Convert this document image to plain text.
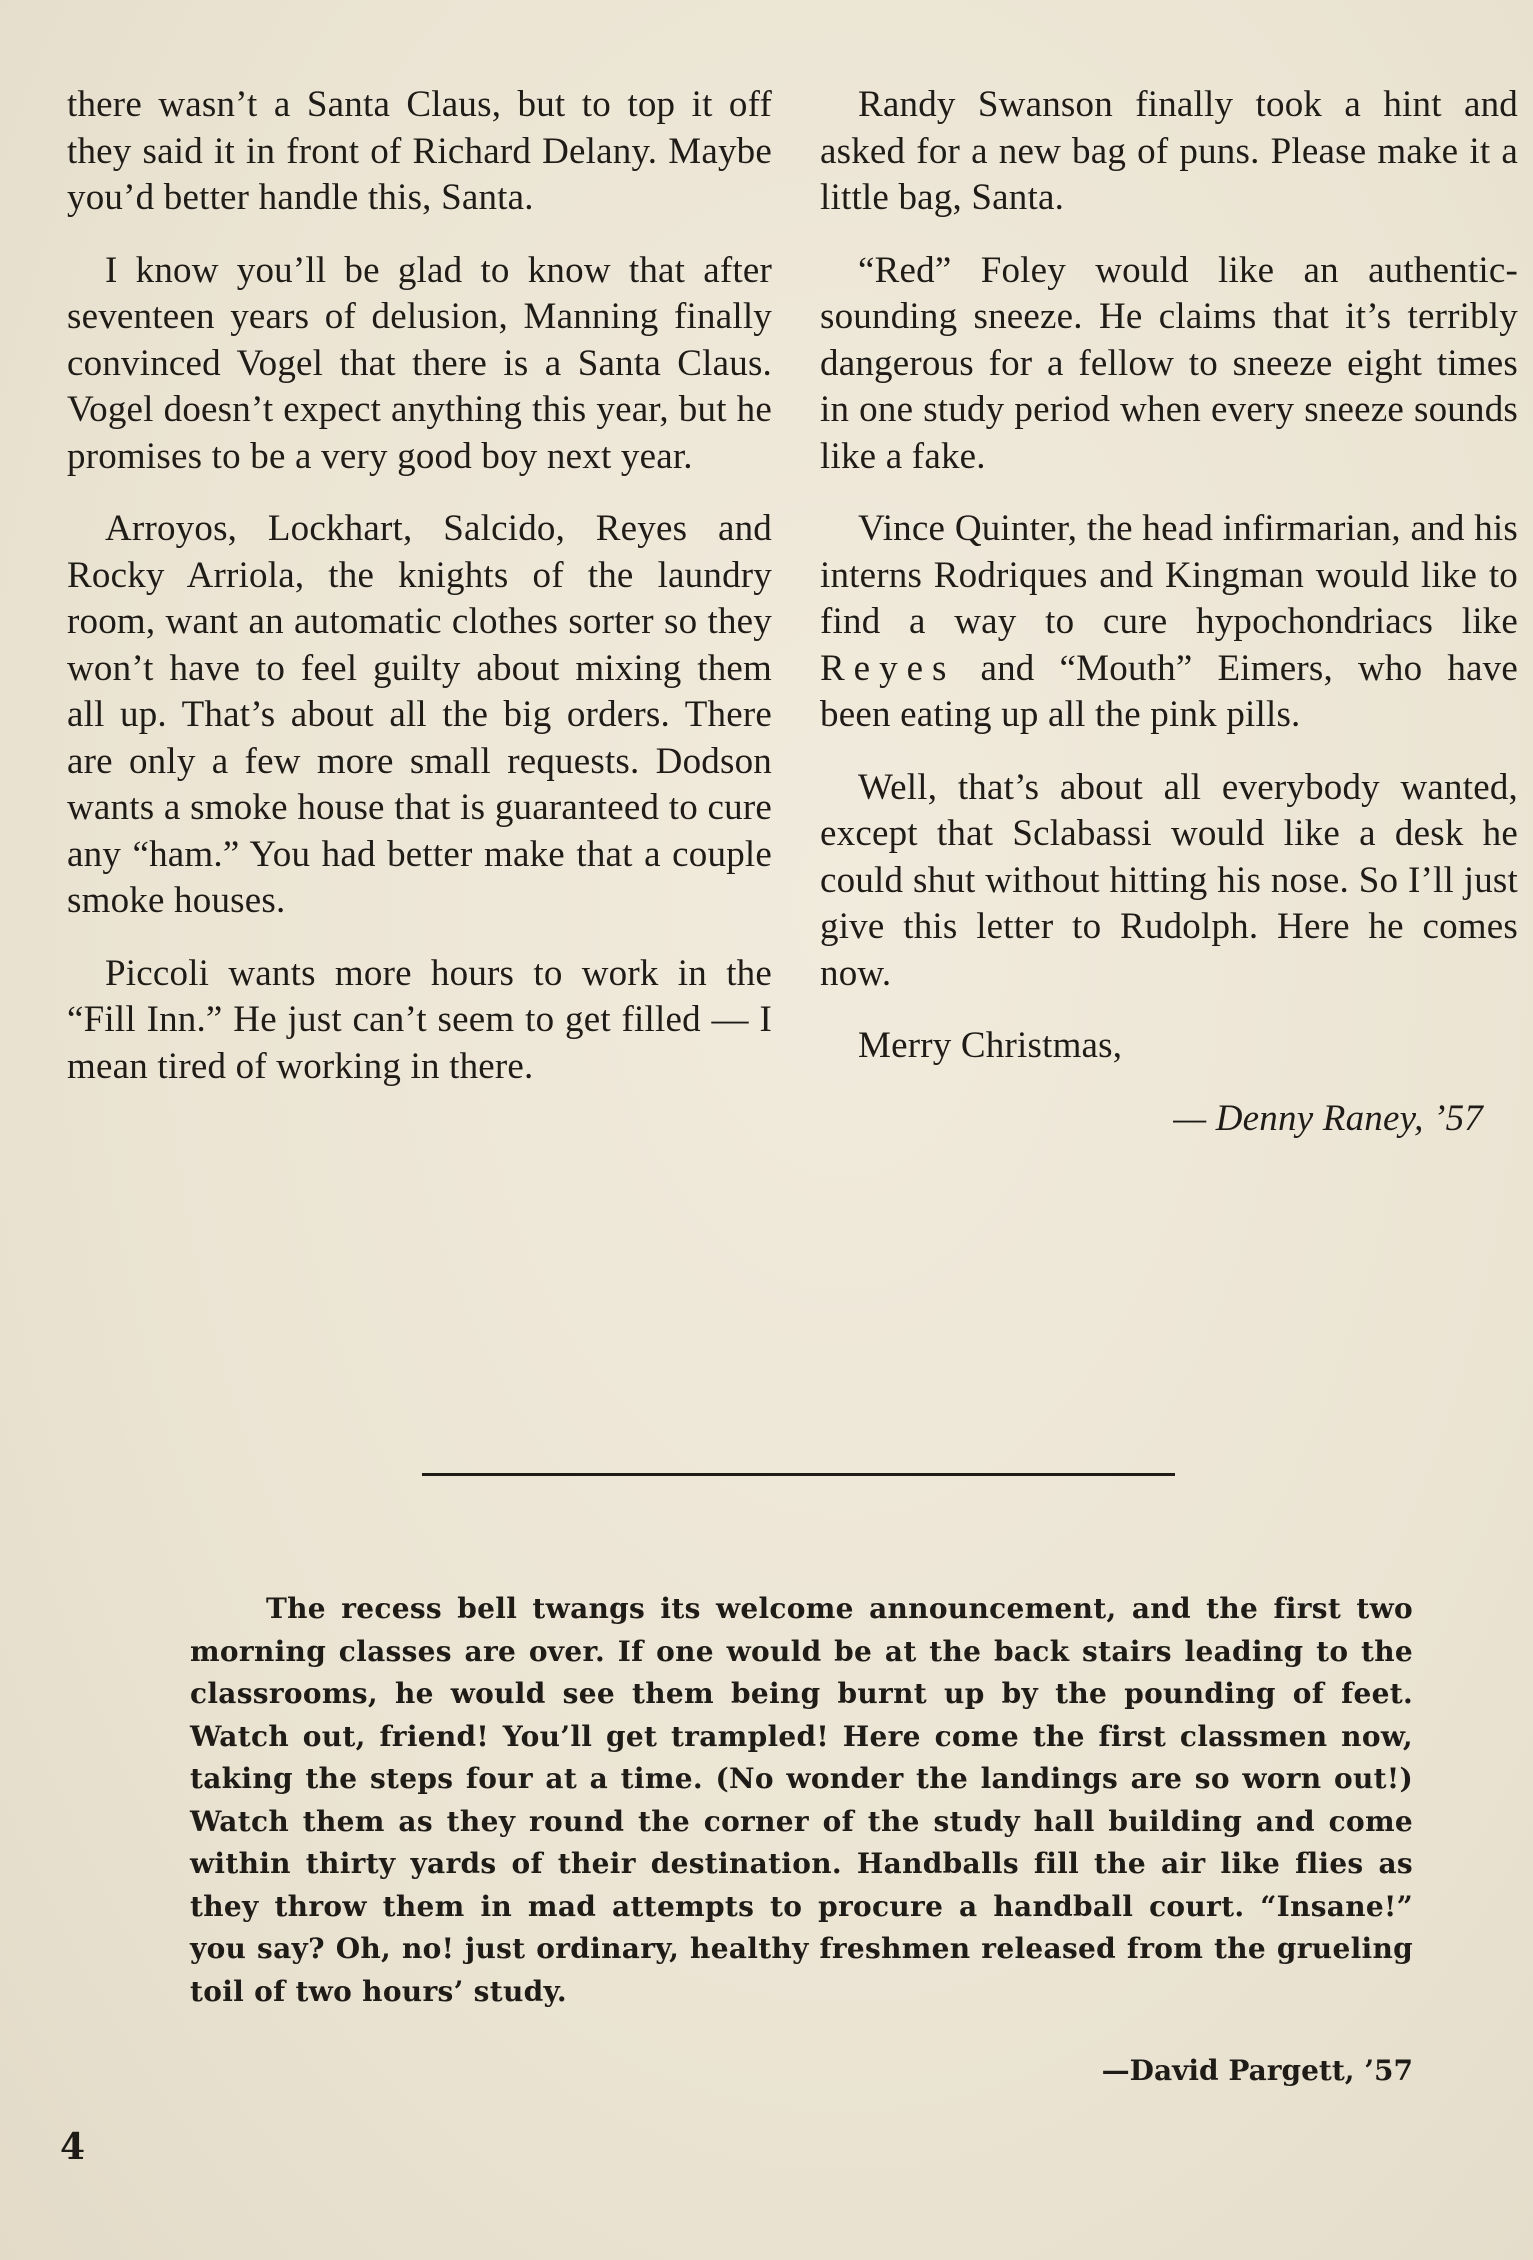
there wasn’t a Santa Claus, but to top it off they said it in front of Richard Delany. Maybe you’d better handle this, Santa.

I know you’ll be glad to know that after seventeen years of delusion, Manning finally convinced Vogel that there is a Santa Claus. Vogel doesn’t expect anything this year, but he promises to be a very good boy next year.

Arroyos, Lockhart, Salcido, Reyes and Rocky Arriola, the knights of the laundry room, want an automatic clothes sorter so they won’t have to feel guilty about mixing them all up. That’s about all the big orders. There are only a few more small requests. Dodson wants a smoke house that is guaranteed to cure any “ham.” You had better make that a couple smoke houses.

Piccoli wants more hours to work in the “Fill Inn.” He just can’t seem to get filled — I mean tired of working in there.

Randy Swanson finally took a hint and asked for a new bag of puns. Please make it a little bag, Santa.

“Red” Foley would like an authentic-sounding sneeze. He claims that it’s terribly dangerous for a fellow to sneeze eight times in one study period when every sneeze sounds like a fake.

Vince Quinter, the head infirmarian, and his interns Rodriques and Kingman would like to find a way to cure hypochondriacs like Reyes and “Mouth” Eimers, who have been eating up all the pink pills.

Well, that’s about all everybody wanted, except that Sclabassi would like a desk he could shut without hitting his nose. So I’ll just give this letter to Rudolph. Here he comes now.

Merry Christmas,

— Denny Raney, ’57

The recess bell twangs its welcome announcement, and the first two morning classes are over. If one would be at the back stairs leading to the classrooms, he would see them being burnt up by the pounding of feet. Watch out, friend! You’ll get trampled! Here come the first classmen now, taking the steps four at a time. (No wonder the landings are so worn out!) Watch them as they round the corner of the study hall building and come within thirty yards of their destination. Handballs fill the air like flies as they throw them in mad attempts to procure a handball court. “Insane!” you say? Oh, no! just ordinary, healthy freshmen released from the grueling toil of two hours’ study.

—David Pargett, ’57
4
